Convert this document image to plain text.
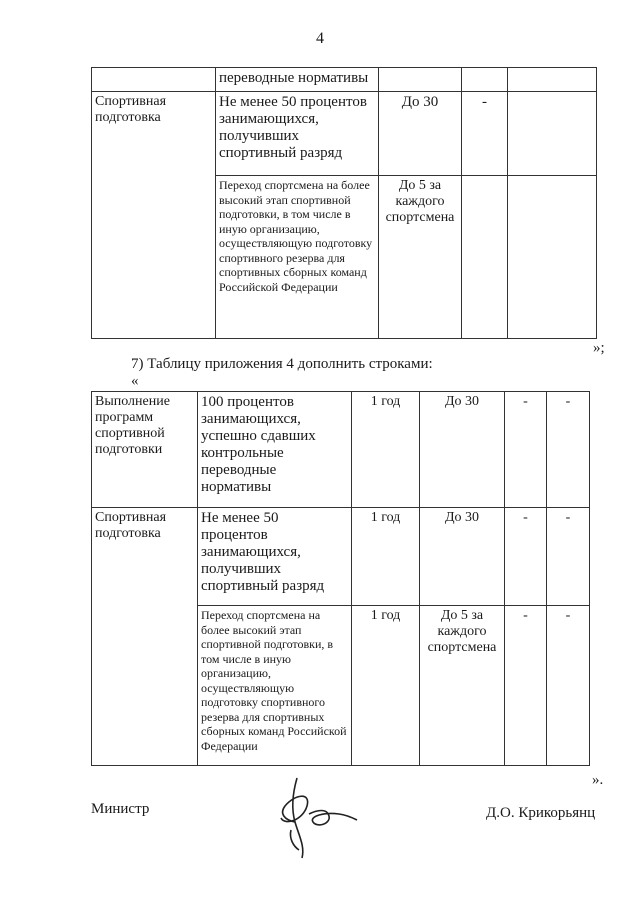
4
	переводные нормативы			
Спортивная подготовка	Не менее 50 процентов занимающихся, получивших спортивный разряд	До 30	-	
	Переход спортсмена на более высокий этап спортивной подготовки, в том числе в иную организацию, осуществляющую подготовку спортивного резерва для спортивных сборных команд Российской Федерации	До 5 за каждого спортсмена		
»;
7) Таблицу приложения 4 дополнить строками:
«
Выполнение программ спортивной подготовки	100 процентов занимающихся, успешно сдавших контрольные переводные нормативы	1 год	До 30	-	-
Спортивная подготовка	Не менее 50 процентов занимающихся, получивших спортивный разряд	1 год	До 30	-	-
	Переход спортсмена на более высокий этап спортивной подготовки, в том числе в иную организацию, осуществляющую подготовку спортивного резерва для спортивных сборных команд Российской Федерации	1 год	До 5 за каждого спортсмена	-	-
».
Министр	Д.О. Крикорьянц
